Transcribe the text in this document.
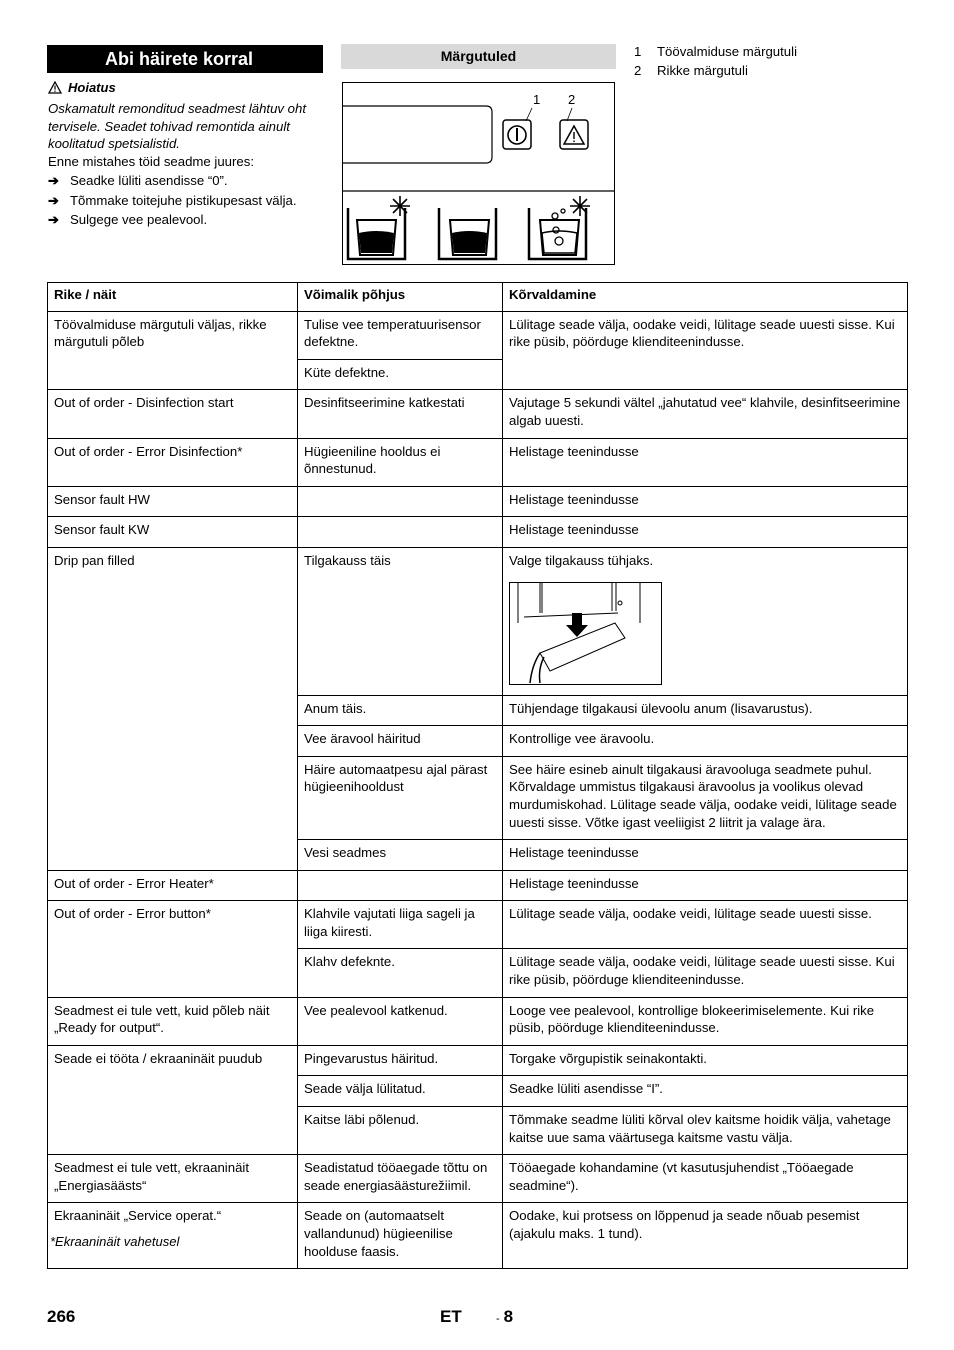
Abi häirete korral
Hoiatus
Oskamatult remonditud seadmest lähtuv oht tervisele. Seadet tohivad remontida ainult koolitatud spetsialistid.
Enne mistahes töid seadme juures:
➔ Seadke lüliti asendisse “0”.
➔ Tõmmake toitejuhe pistikupesast välja.
➔ Sulgege vee pealevool.
Märgutuled
1 2
1 Töövalmiduse märgutuli
2 Rikke märgutuli
Rike / näit	Võimalik põhjus	Kõrvaldamine
Töövalmiduse märgutuli väljas, rikke märgutuli põleb	Tulise vee temperatuurisensor defektne.	Lülitage seade välja, oodake veidi, lülitage seade uuesti sisse. Kui rike püsib, pöörduge klienditeenindusse.

	Küte defektne.	
Out of order - Disinfection start	Desinfitseerimine katkestati	Vajutage 5 sekundi vältel „jahutatud vee“ klahvile, desinfitseerimine algab uuesti.

Out of order - Error Disinfection*	Hügieeniline hooldus ei õnnestunud.	Helistage teenindusse

Sensor fault HW		Helistage teenindusse

Sensor fault KW		Helistage teenindusse

Drip pan filled	Tilgakauss täis	Valge tilgakauss tühjaks.

	Anum täis.	Tühjendage tilgakausi ülevoolu anum (lisavarustus).

	Vee äravool häiritud	Kontrollige vee äravoolu.

	Häire automaatpesu ajal pärast hügieenihooldust	See häire esineb ainult tilgakausi äravooluga seadmete puhul. Kõrvaldage ummistus tilgakausi äravoolus ja voolikus olevad murdumiskohad. Lülitage seade välja, oodake veidi, lülitage seade uuesti sisse. Võtke igast veeliigist 2 liitrit ja valage ära.

	Vesi seadmes	Helistage teenindusse

Out of order - Error Heater*		Helistage teenindusse

Out of order - Error button*	Klahvile vajutati liiga sageli ja liiga kiiresti.	Lülitage seade välja, oodake veidi, lülitage seade uuesti sisse.

	Klahv defeknte.	Lülitage seade välja, oodake veidi, lülitage seade uuesti sisse. Kui rike püsib, pöörduge klienditeenindusse.

Seadmest ei tule vett, kuid põleb näit „Ready for output“.	Vee pealevool katkenud.	Looge vee pealevool, kontrollige blokeerimiselemente. Kui rike püsib, pöörduge klienditeenindusse.

Seade ei tööta / ekraaninäit puudub	Pingevarustus häiritud.	Torgake võrgupistik seinakontakti.

	Seade välja lülitatud.	Seadke lüliti asendisse “I”.

	Kaitse läbi põlenud.	Tõmmake seadme lüliti kõrval olev kaitsme hoidik välja, vahetage kaitse uue sama väärtusega kaitsme vastu välja.

Seadmest ei tule vett, ekraaninäit „Energiasäästs“	Seadistatud tööaegade tõttu on seade energiasäästurežiimil.	Tööaegade kohandamine (vt kasutusjuhendist „Tööaegade seadmine“).

Ekraaninäit „Service operat.“	Seade on (automaatselt vallandunud) hügieenilise hoolduse faasis.	Oodake, kui protsess on lõppenud ja seade nõuab pesemist (ajakulu maks. 1 tund).
*Ekraaninäit vahetusel
266	ET	- 8
